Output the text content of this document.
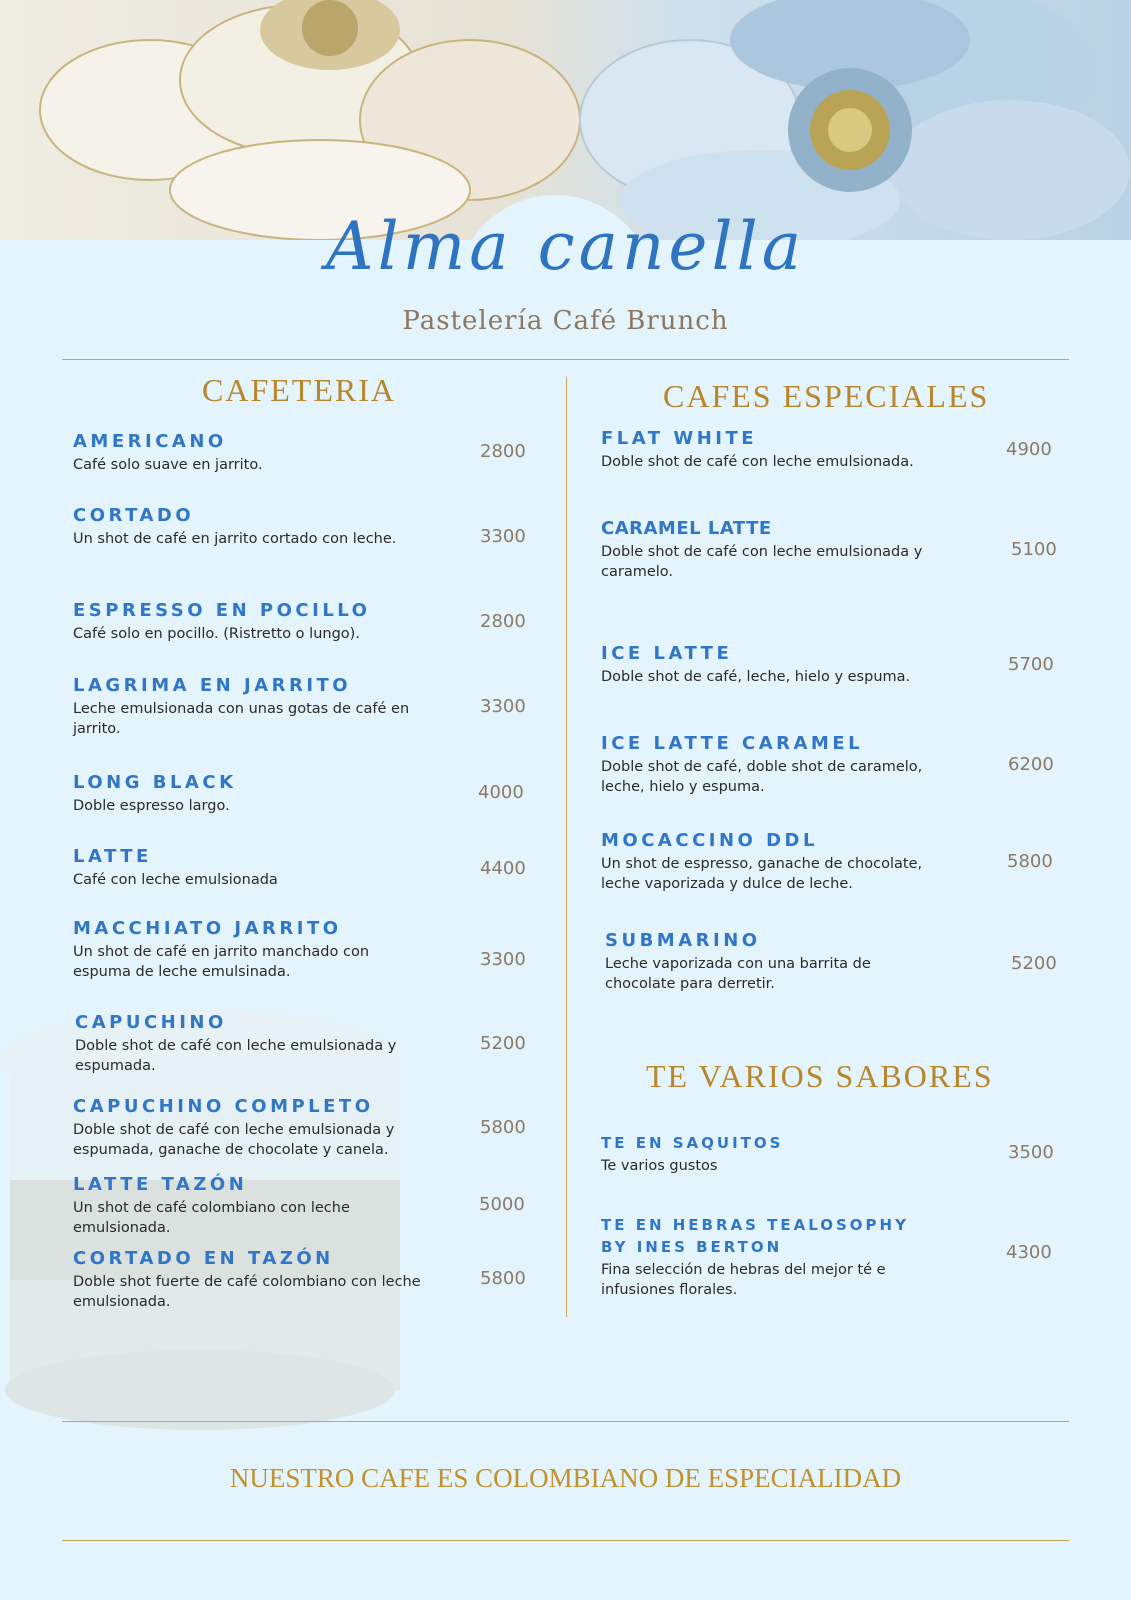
Alma canella
Pastelería Café Brunch
CAFETERIA	CAFES ESPECIALES
TE VARIOS SABORES
AMERICANO
Café solo suave en jarrito.
2800
CORTADO
Un shot de café en jarrito cortado con leche.	3300
ESPRESSO EN POCILLO
Café solo en pocillo. (Ristretto o lungo).
2800
LAGRIMA EN JARRITO
Leche emulsionada con unas gotas de café en jarrito.
3300
LONG BLACK
Doble espresso largo.
4000
LATTE
Café con leche emulsionada
4400
MACCHIATO JARRITO
Un shot de café en jarrito manchado con espuma de leche emulsinada.
3300
CAPUCHINO
Doble shot de café con leche emulsionada y espumada.
5200
CAPUCHINO COMPLETO
Doble shot de café con leche emulsionada y espumada, ganache de chocolate y canela.
5800
LATTE TAZÓN
Un shot de café colombiano con leche emulsionada.
5000
CORTADO EN TAZÓN
Doble shot fuerte de café colombiano con leche emulsionada.
5800
FLAT WHITE
Doble shot de café con leche emulsionada.
4900
CARAMEL LATTE
Doble shot de café con leche emulsionada y caramelo.
5100
ICE LATTE
Doble shot de café, leche, hielo y espuma.
5700
ICE LATTE CARAMEL
Doble shot de café, doble shot de caramelo, leche, hielo y espuma.
6200
MOCACCINO DDL
Un shot de espresso, ganache de chocolate, leche vaporizada y dulce de leche.
5800
SUBMARINO
Leche vaporizada con una barrita de chocolate para derretir.
5200
TE EN SAQUITOS
Te varios gustos
3500
TE EN HEBRAS TEALOSOPHY BY INES BERTON
Fina selección de hebras del mejor té e infusiones florales.
4300
NUESTRO CAFE ES COLOMBIANO DE ESPECIALIDAD
